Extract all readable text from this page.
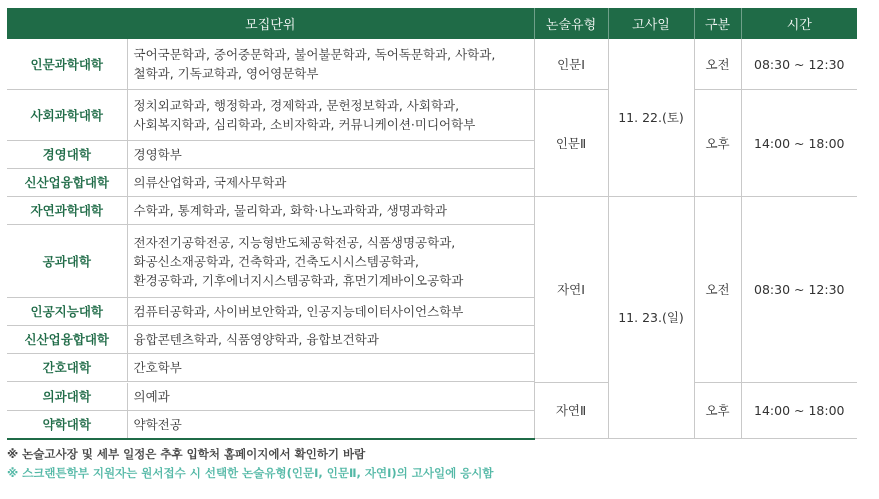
모집단위		논술유형	고사일	구분	시간
인문과학대학	국어국문학과, 중어중문학과, 불어불문학과, 독어독문학과, 사학과,
철학과, 기독교학과, 영어영문학부	인문Ⅰ	11. 22.(토)	오전	08:30 ~ 12:30
사회과학대학	정치외교학과, 행정학과, 경제학과, 문헌정보학과, 사회학과,
사회복지학과, 심리학과, 소비자학과, 커뮤니케이션·미디어학부	인문Ⅱ		오후	14:00 ~ 18:00
경영대학	경영학부				
신산업융합대학	의류산업학과, 국제사무학과				
자연과학대학	수학과, 통계학과, 물리학과, 화학·나노과학과, 생명과학과	자연Ⅰ	11. 23.(일)	오전	08:30 ~ 12:30
공과대학	전자전기공학전공, 지능형반도체공학전공, 식품생명공학과,
화공신소재공학과, 건축학과, 건축도시시스템공학과,
환경공학과, 기후에너지시스템공학과, 휴먼기계바이오공학과				

인공지능대학	컴퓨터공학과, 사이버보안학과, 인공지능데이터사이언스학부				
신산업융합대학	융합콘텐츠학과, 식품영양학과, 융합보건학과				
간호대학	간호학부				

의과대학	의예과	자연Ⅱ		오후	14:00 ~ 18:00
약학대학	약학전공				
※ 논술고사장 및 세부 일정은 추후 입학처 홈페이지에서 확인하기 바람
※ 스크랜튼학부 지원자는 원서접수 시 선택한 논술유형(인문Ⅰ, 인문Ⅱ, 자연Ⅰ)의 고사일에 응시함
